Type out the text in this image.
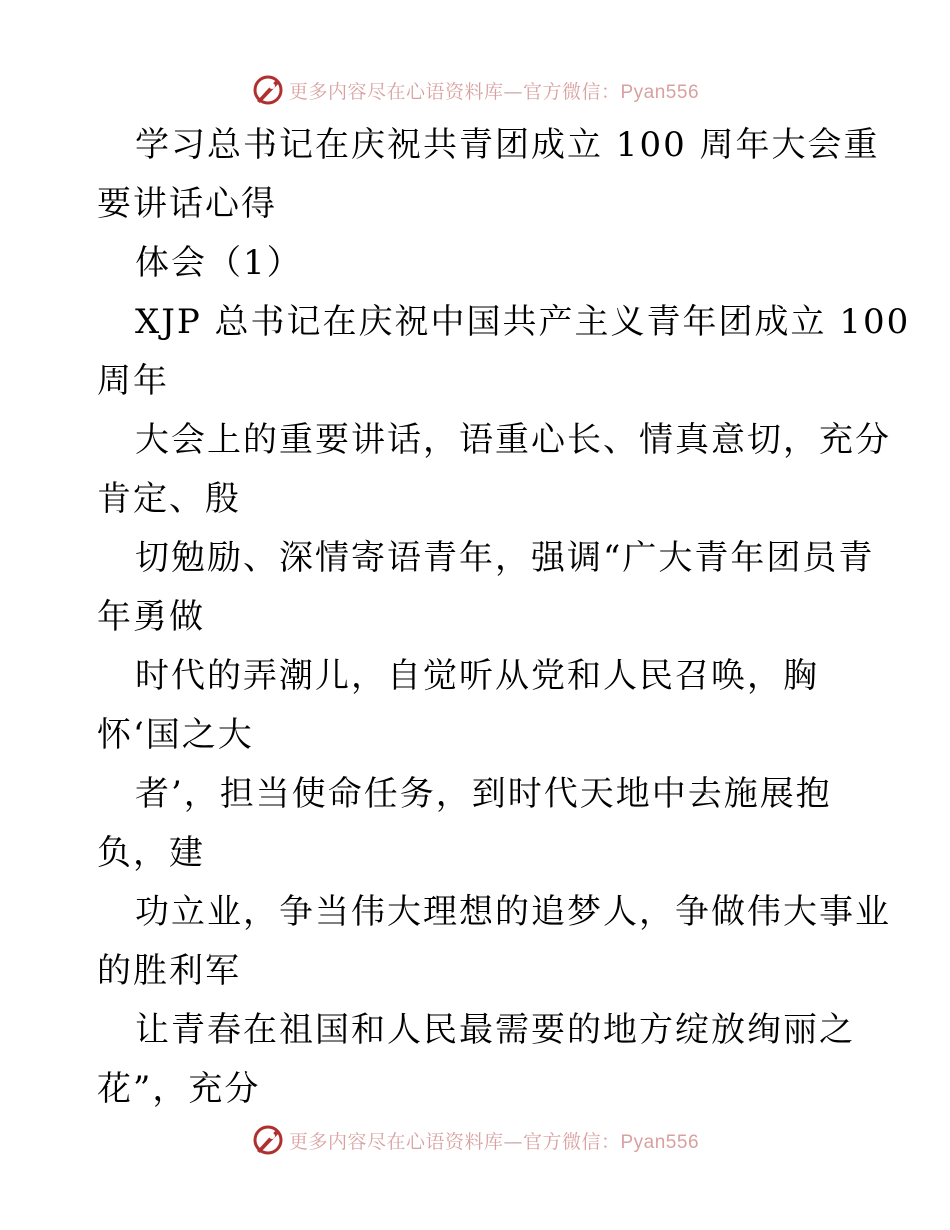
更多内容尽在心语资料库—官方微信：Pyan556
学习总书记在庆祝共青团成立 100 周年大会重
要讲话心得
体会（1）
XJP 总书记在庆祝中国共产主义青年团成立 100
周年
大会上的重要讲话，语重心长、情真意切，充分
肯定、殷
切勉励、深情寄语青年，强调“广大青年团员青
年勇做
时代的弄潮儿，自觉听从党和人民召唤，胸
怀‘国之大
者’，担当使命任务，到时代天地中去施展抱
负，建
功立业，争当伟大理想的追梦人，争做伟大事业
的胜利军
让青春在祖国和人民最需要的地方绽放绚丽之
花”，充分
更多内容尽在心语资料库—官方微信：Pyan556
